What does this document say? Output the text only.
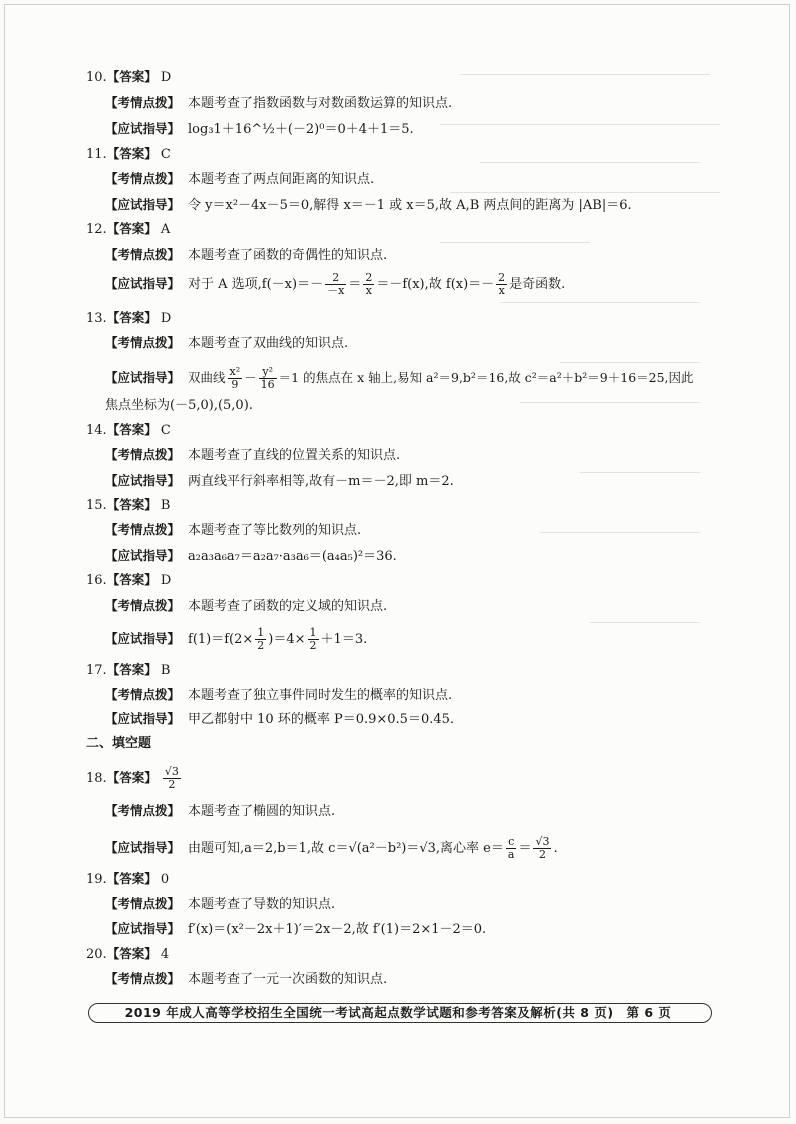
10.【答案】 D
【考情点拨】 本题考查了指数函数与对数函数运算的知识点.
【应试指导】 log₃1＋16^½＋(－2)⁰＝0＋4＋1＝5.
11.【答案】 C
【考情点拨】 本题考查了两点间距离的知识点.
【应试指导】 令 y＝x²－4x－5＝0,解得 x＝－1 或 x＝5,故 A,B 两点间的距离为 |AB|＝6.
12.【答案】 A
【考情点拨】 本题考查了函数的奇偶性的知识点.
【应试指导】 对于 A 选项$,f(-x)=- \frac{2}{-x} = \frac{2}{x} =-f(x)$,故 $f(x)=- \frac{2}{x}$ 是奇函数.
13.【答案】 D
【考情点拨】 本题考查了双曲线的知识点.
【应试指导】 双曲线 $\frac{\text{x²}}{9} - \frac{\text{y²}}{16} =1$ 的焦点在 x 轴上,易知 a²＝9,b²＝16,故 c²＝a²＋b²＝9＋16＝25,因此
焦点坐标为(－5,0),(5,0).
14.【答案】 C
【考情点拨】 本题考查了直线的位置关系的知识点.
【应试指导】 两直线平行斜率相等,故有－m＝－2,即 m＝2.
15.【答案】 B
【考情点拨】 本题考查了等比数列的知识点.
【应试指导】 a₂a₃a₆a₇＝a₂a₇·a₃a₆＝(a₄a₅)²＝36.
16.【答案】 D
【考情点拨】 本题考查了函数的定义域的知识点.
【应试指导】 $f(1)=f(2\times \frac{1}{2} )=4\times \frac{1}{2} +1=3$.
17.【答案】 B
【考情点拨】 本题考查了独立事件同时发生的概率的知识点.
【应试指导】 甲乙都射中 10 环的概率 P＝0.9×0.5＝0.45.
二、填空题
18.【答案】 $\frac{√3}{2}$
【考情点拨】 本题考查了椭圆的知识点.
【应试指导】 由题可知,a＝2,b＝1,故 c＝√(a²－b²)＝√3,离心率 $e= \frac{c}{a} = \frac{√3}{2}$ .
19.【答案】 0
【考情点拨】 本题考查了导数的知识点.
【应试指导】 f′(x)＝(x²－2x＋1)′＝2x－2,故 f′(1)＝2×1－2＝0.
20.【答案】 4
【考情点拨】 本题考查了一元一次函数的知识点.
2019 年成人高等学校招生全国统一考试高起点数学试题和参考答案及解析(共 8 页)　第 6 页
